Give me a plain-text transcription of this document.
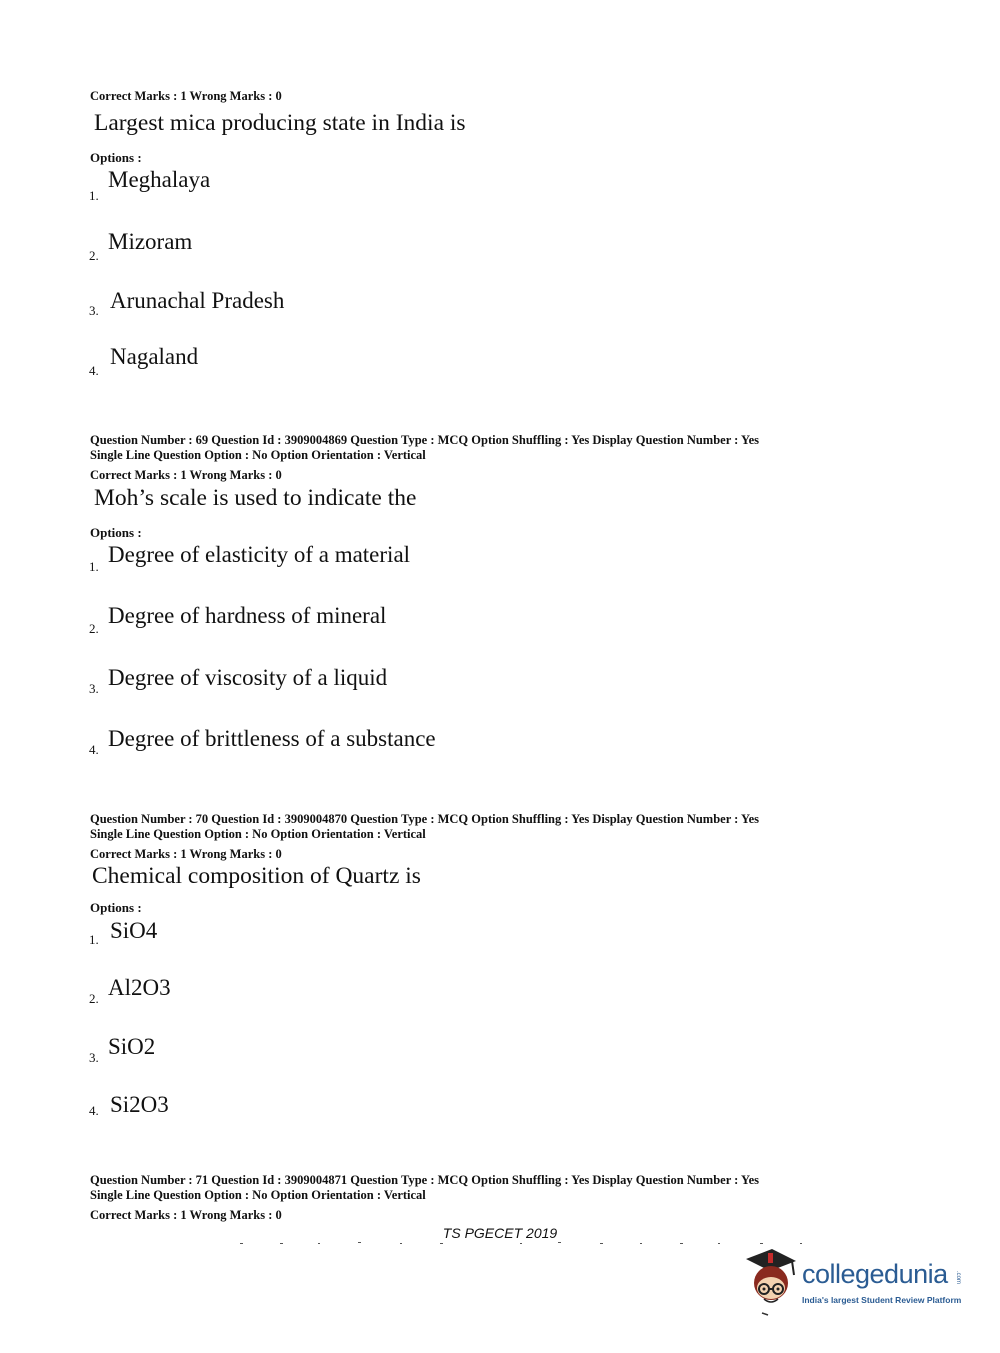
Correct Marks : 1 Wrong Marks : 0
Largest mica producing state in India is
Options :
1.
Meghalaya
2.
Mizoram
3. Arunachal Pradesh
4.
Nagaland
Question Number : 69 Question Id : 3909004869 Question Type : MCQ Option Shuffling : Yes Display Question Number : Yes
Single Line Question Option : No Option Orientation : Vertical
Correct Marks : 1 Wrong Marks : 0
Moh’s scale is used to indicate the
Options :
1. Degree of elasticity of a material
2.
Degree of hardness of mineral
3. Degree of viscosity of a liquid
4. Degree of brittleness of a substance
Question Number : 70 Question Id : 3909004870 Question Type : MCQ Option Shuffling : Yes Display Question Number : Yes
Single Line Question Option : No Option Orientation : Vertical
Correct Marks : 1 Wrong Marks : 0
Chemical composition of Quartz is
Options :
1. SiO4
2. Al2O3
3. SiO2
4. Si2O3
Question Number : 71 Question Id : 3909004871 Question Type : MCQ Option Shuffling : Yes Display Question Number : Yes
Single Line Question Option : No Option Orientation : Vertical
Correct Marks : 1 Wrong Marks : 0
TS PGECET 2019
collegedunia .com
India's largest Student Review Platform
